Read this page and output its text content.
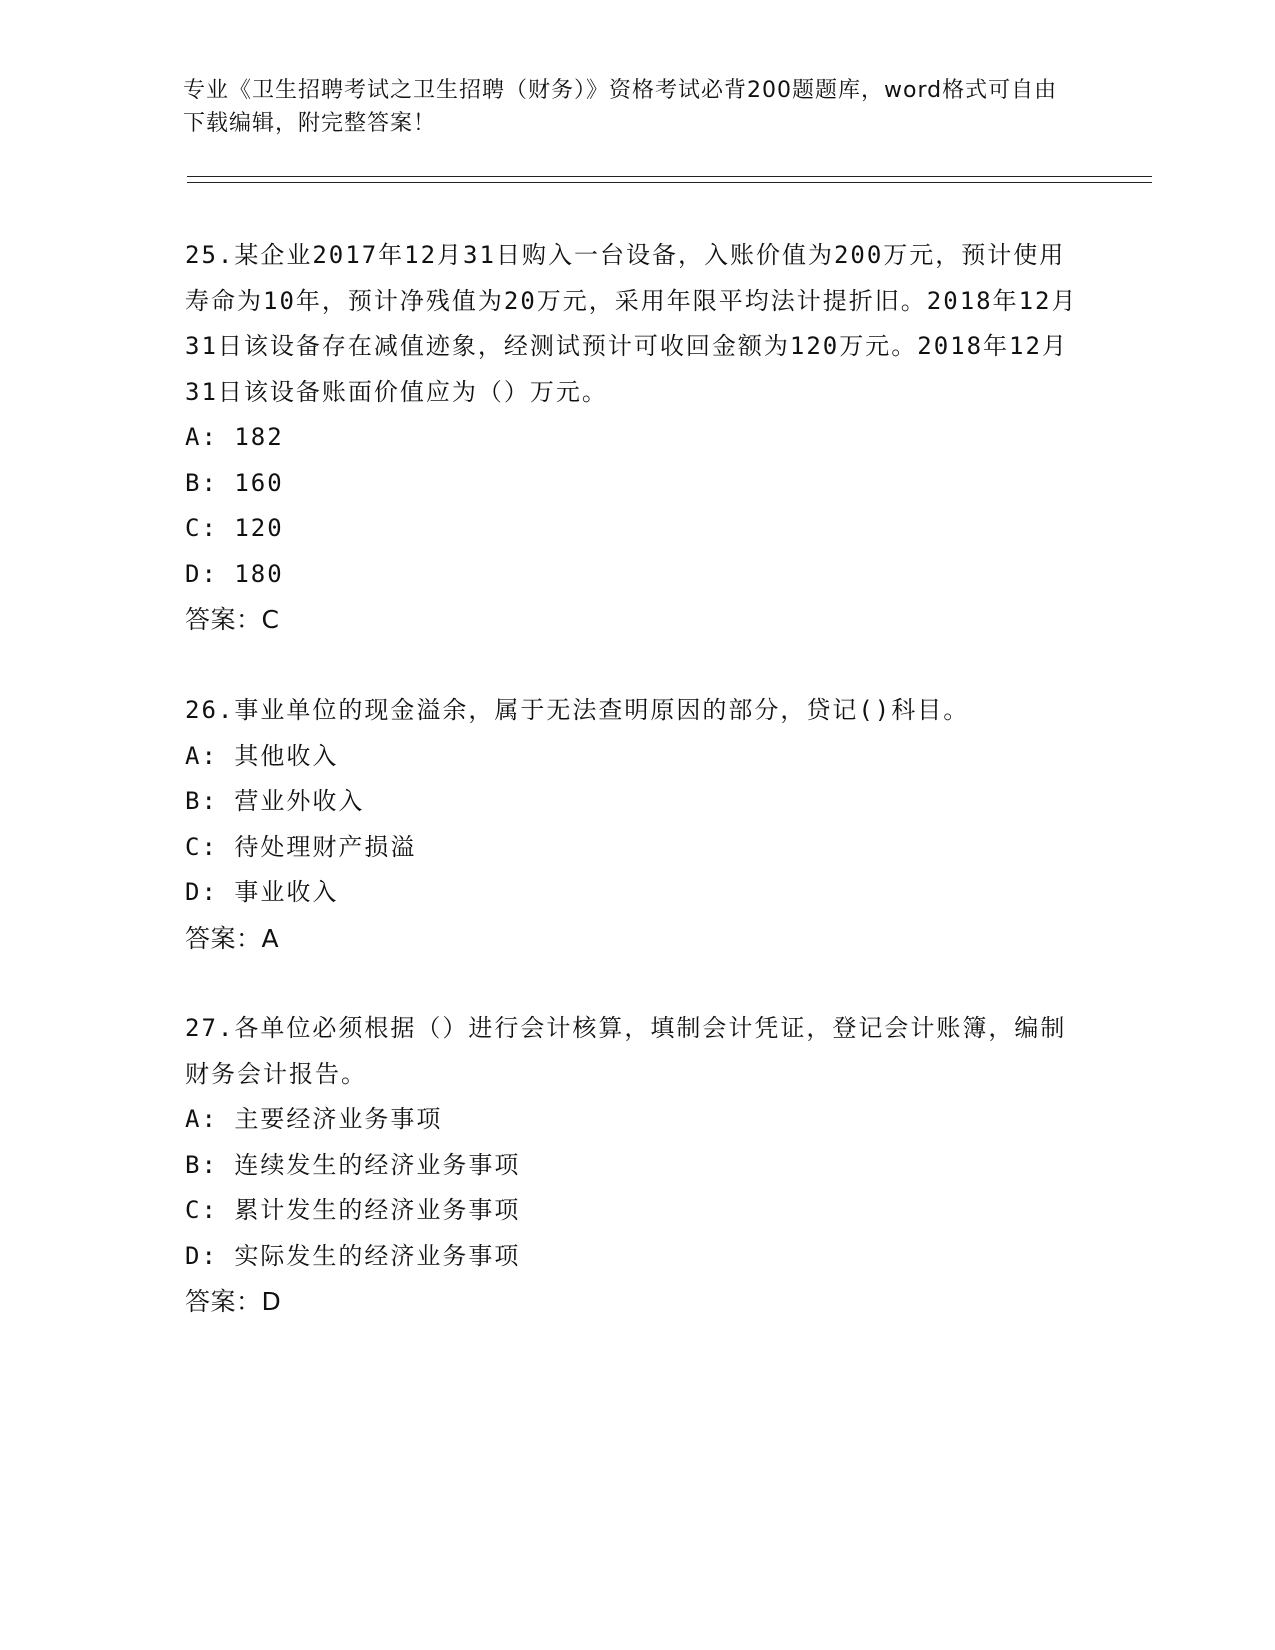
专业《卫生招聘考试之卫生招聘（财务）》资格考试必背200题题库，word格式可自由下载编辑，附完整答案！

25.某企业2017年12月31日购入一台设备，入账价值为200万元，预计使用寿命为10年，预计净残值为20万元，采用年限平均法计提折旧。2018年12月31日该设备存在减值迹象，经测试预计可收回金额为120万元。2018年12月31日该设备账面价值应为（）万元。

A: 182

B: 160

C: 120

D: 180

答案：C

26.事业单位的现金溢余，属于无法查明原因的部分，贷记()科目。

A: 其他收入

B: 营业外收入

C: 待处理财产损溢

D: 事业收入

答案：A

27.各单位必须根据（）进行会计核算，填制会计凭证，登记会计账簿，编制财务会计报告。

A: 主要经济业务事项

B: 连续发生的经济业务事项

C: 累计发生的经济业务事项

D: 实际发生的经济业务事项

答案：D
